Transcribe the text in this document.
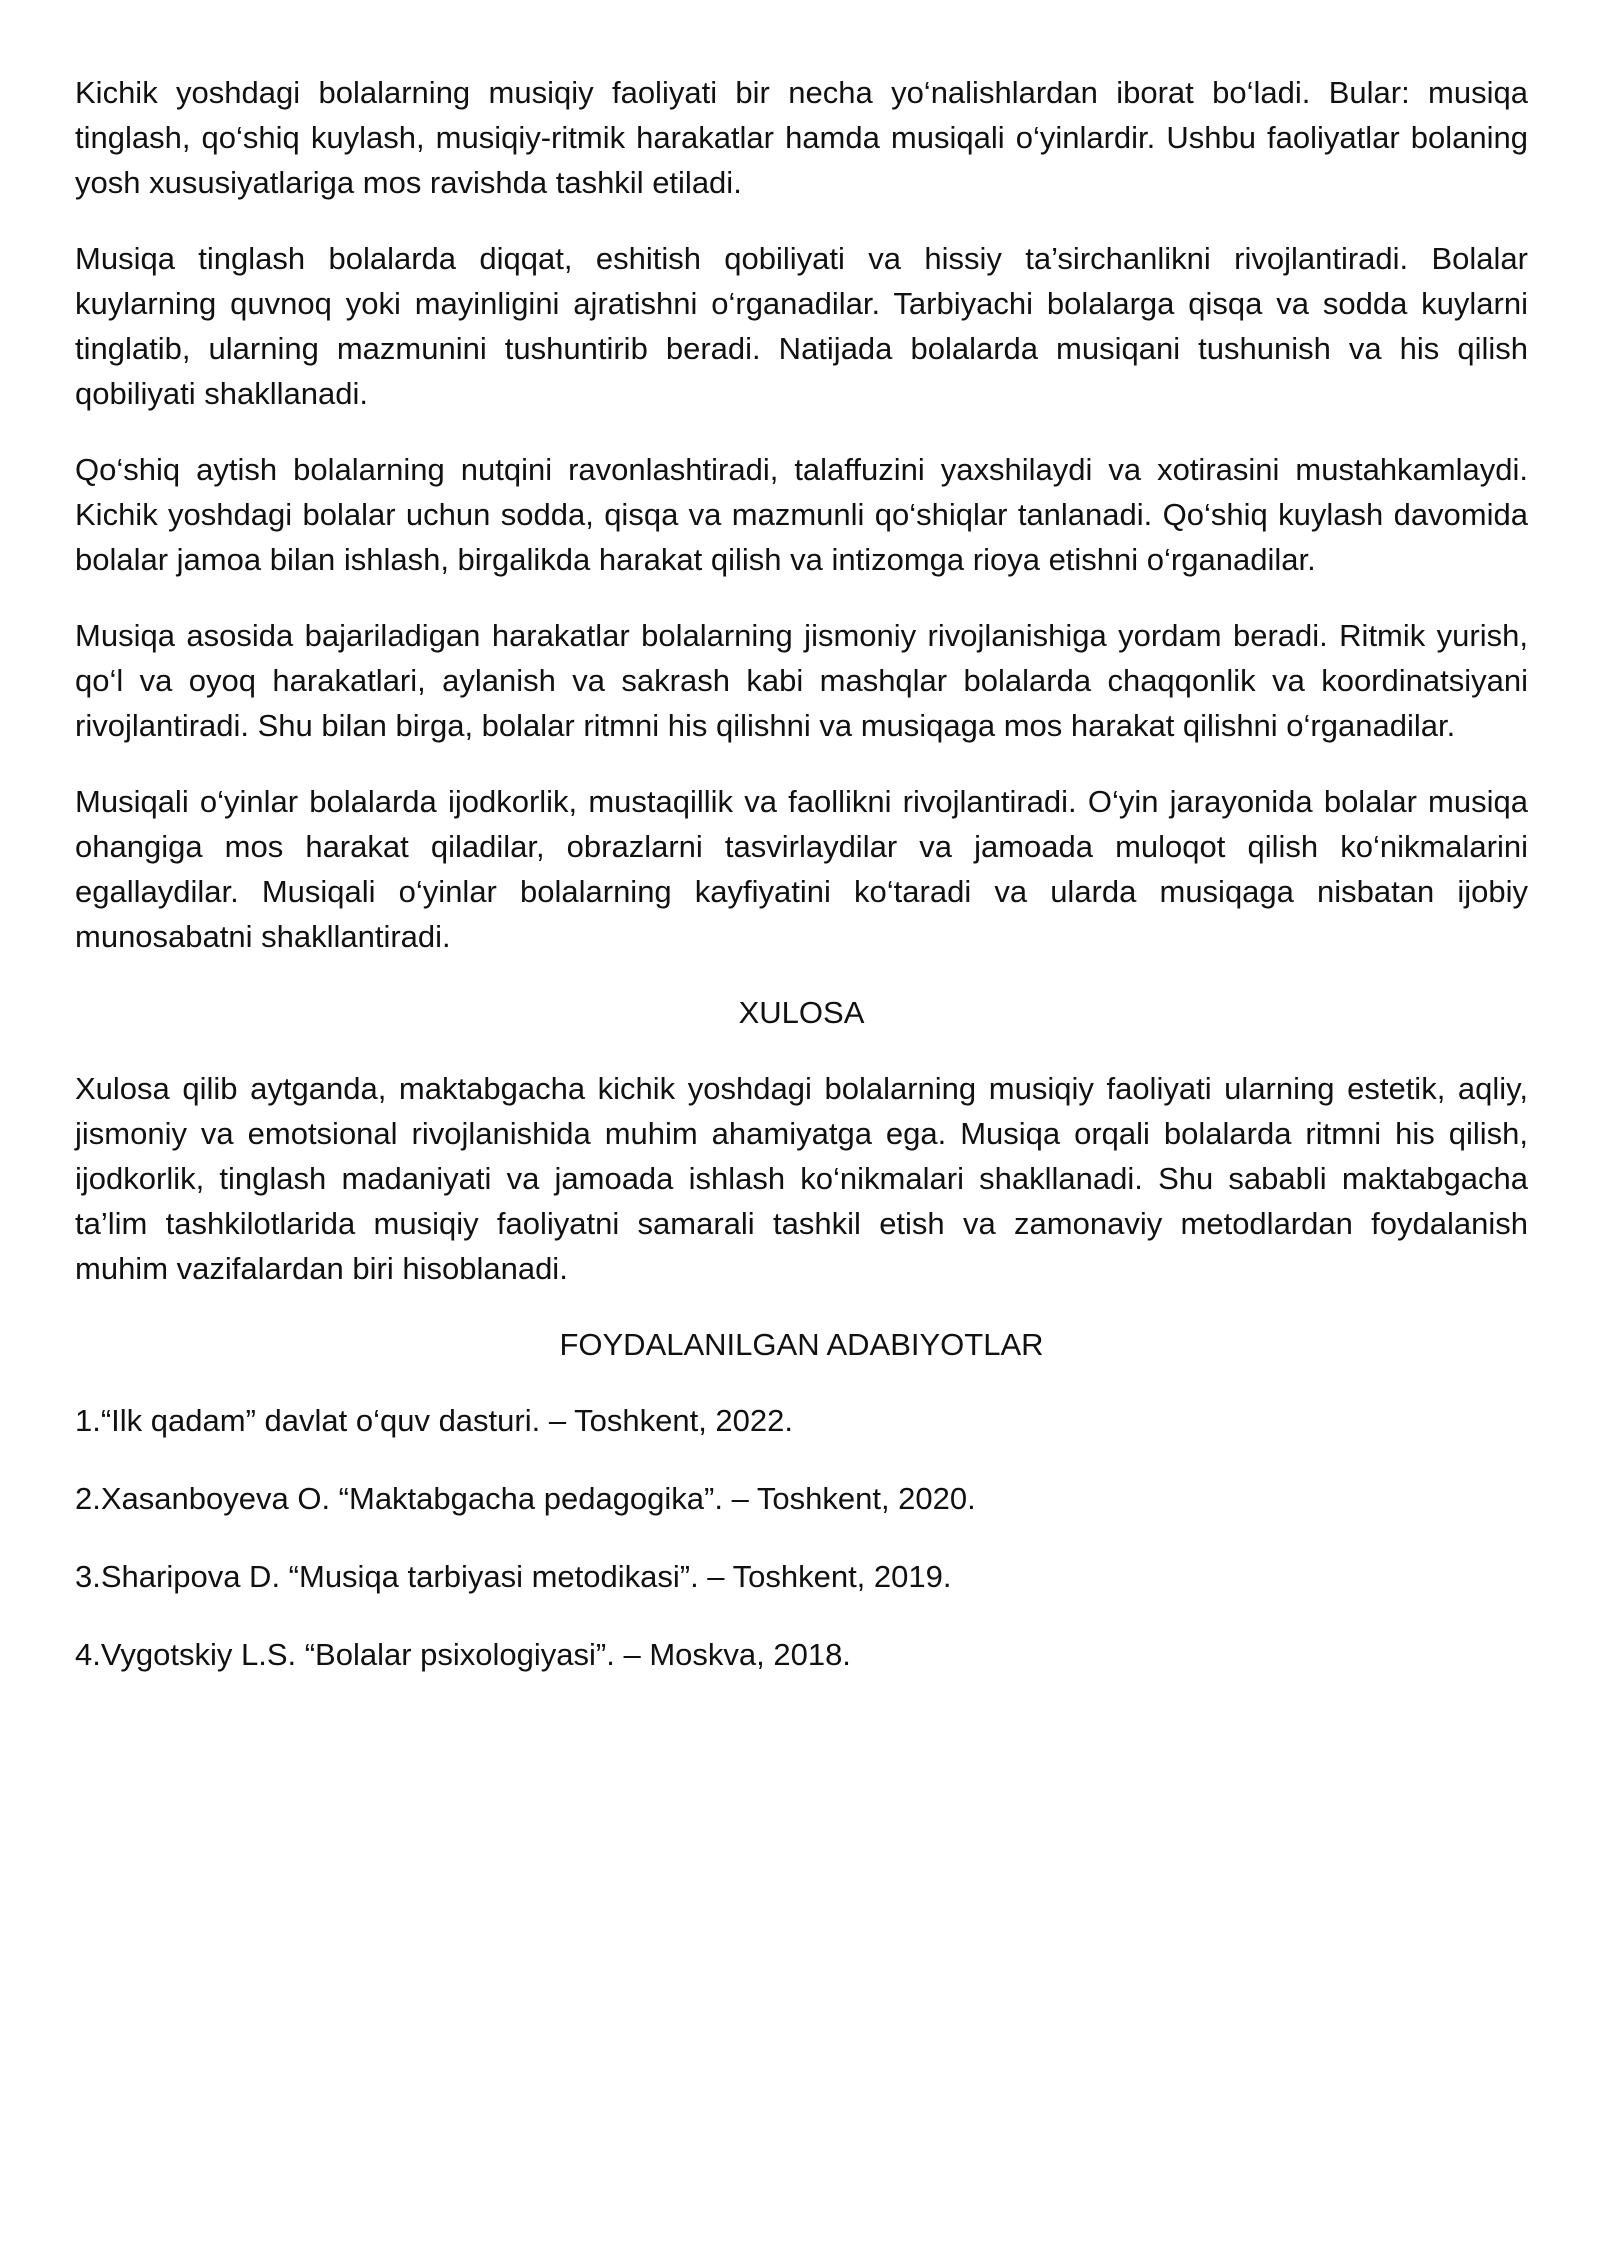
Kichik yoshdagi bolalarning musiqiy faoliyati bir necha yo‘nalishlardan iborat bo‘ladi. Bular: musiqa tinglash, qo‘shiq kuylash, musiqiy-ritmik harakatlar hamda musiqali o‘yinlardir. Ushbu faoliyatlar bolaning yosh xususiyatlariga mos ravishda tashkil etiladi.

Musiqa tinglash bolalarda diqqat, eshitish qobiliyati va hissiy ta’sirchanlikni rivojlantiradi. Bolalar kuylarning quvnoq yoki mayinligini ajratishni o‘rganadilar. Tarbiyachi bolalarga qisqa va sodda kuylarni tinglatib, ularning mazmunini tushuntirib beradi. Natijada bolalarda musiqani tushunish va his qilish qobiliyati shakllanadi.

Qo‘shiq aytish bolalarning nutqini ravonlashtiradi, talaffuzini yaxshilaydi va xotirasini mustahkamlaydi. Kichik yoshdagi bolalar uchun sodda, qisqa va mazmunli qo‘shiqlar tanlanadi. Qo‘shiq kuylash davomida bolalar jamoa bilan ishlash, birgalikda harakat qilish va intizomga rioya etishni o‘rganadilar.

Musiqa asosida bajariladigan harakatlar bolalarning jismoniy rivojlanishiga yordam beradi. Ritmik yurish, qo‘l va oyoq harakatlari, aylanish va sakrash kabi mashqlar bolalarda chaqqonlik va koordinatsiyani rivojlantiradi. Shu bilan birga, bolalar ritmni his qilishni va musiqaga mos harakat qilishni o‘rganadilar.

Musiqali o‘yinlar bolalarda ijodkorlik, mustaqillik va faollikni rivojlantiradi. O‘yin jarayonida bolalar musiqa ohangiga mos harakat qiladilar, obrazlarni tasvirlaydilar va jamoada muloqot qilish ko‘nikmalarini egallaydilar. Musiqali o‘yinlar bolalarning kayfiyatini ko‘taradi va ularda musiqaga nisbatan ijobiy munosabatni shakllantiradi.

XULOSA

Xulosa qilib aytganda, maktabgacha kichik yoshdagi bolalarning musiqiy faoliyati ularning estetik, aqliy, jismoniy va emotsional rivojlanishida muhim ahamiyatga ega. Musiqa orqali bolalarda ritmni his qilish, ijodkorlik, tinglash madaniyati va jamoada ishlash ko‘nikmalari shakllanadi. Shu sababli maktabgacha ta’lim tashkilotlarida musiqiy faoliyatni samarali tashkil etish va zamonaviy metodlardan foydalanish muhim vazifalardan biri hisoblanadi.

FOYDALANILGAN ADABIYOTLAR
1.“Ilk qadam” davlat o‘quv dasturi. – Toshkent, 2022.
2.Xasanboyeva O. “Maktabgacha pedagogika”. – Toshkent, 2020.
3.Sharipova D. “Musiqa tarbiyasi metodikasi”. – Toshkent, 2019.
4.Vygotskiy L.S. “Bolalar psixologiyasi”. – Moskva, 2018.
